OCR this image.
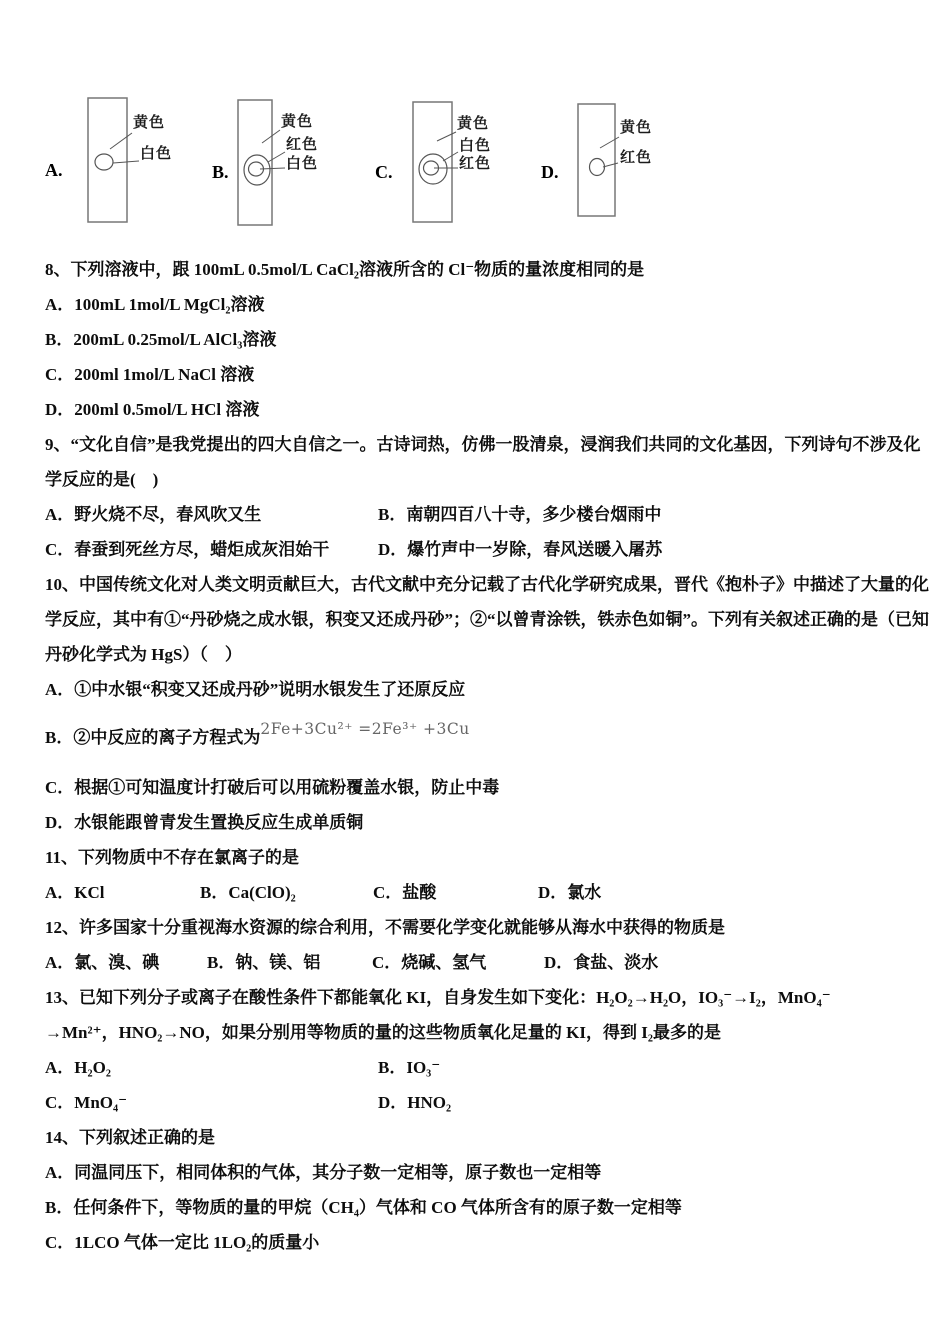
黄色
白色
A.
黄色
红色
白色
B.
黄色
白色
红色
C.
黄色
红色
D.
8、下列溶液中，跟 100mL 0.5mol/L CaCl₂溶液所含的 Cl⁻物质的量浓度相同的是
A．100mL 1mol/L MgCl₂溶液
B．200mL 0.25mol/L AlCl₃溶液
C．200ml 1mol/L NaCl 溶液
D．200ml 0.5mol/L HCl 溶液
9、“文化自信”是我党提出的四大自信之一。古诗词热，仿佛一股清泉，浸润我们共同的文化基因，下列诗句不涉及化
学反应的是(　)
A．野火烧不尽，春风吹又生	B．南朝四百八十寺，多少楼台烟雨中
C．春蚕到死丝方尽，蜡炬成灰泪始干	D．爆竹声中一岁除，春风送暖入屠苏
10、中国传统文化对人类文明贡献巨大，古代文献中充分记载了古代化学研究成果，晋代《抱朴子》中描述了大量的化
学反应，其中有①“丹砂烧之成水银，积变又还成丹砂”；②“以曾青涂铁，铁赤色如铜”。下列有关叙述正确的是（已知
丹砂化学式为 HgS）（　）
A．①中水银“积变又还成丹砂”说明水银发生了还原反应
B．②中反应的离子方程式为2Fe+3Cu²⁺ =2Fe³⁺ +3Cu
C．根据①可知温度计打破后可以用硫粉覆盖水银，防止中毒
D．水银能跟曾青发生置换反应生成单质铜
11、下列物质中不存在氯离子的是
A．KCl	B．Ca(ClO)₂	C．盐酸	D．氯水
12、许多国家十分重视海水资源的综合利用，不需要化学变化就能够从海水中获得的物质是
A．氯、溴、碘	B．钠、镁、铝	C．烧碱、氢气	D．食盐、淡水
13、已知下列分子或离子在酸性条件下都能氧化 KI，自身发生如下变化：H₂O₂→H₂O，IO₃⁻→I₂，MnO₄⁻
→Mn²⁺，HNO₂→NO，如果分别用等物质的量的这些物质氧化足量的 KI，得到 I₂最多的是
A．H₂O₂	B．IO₃⁻
C．MnO₄⁻	D．HNO₂
14、下列叙述正确的是
A．同温同压下，相同体积的气体，其分子数一定相等，原子数也一定相等
B．任何条件下，等物质的量的甲烷（CH₄）气体和 CO 气体所含有的原子数一定相等
C．1LCO 气体一定比 1LO₂的质量小
